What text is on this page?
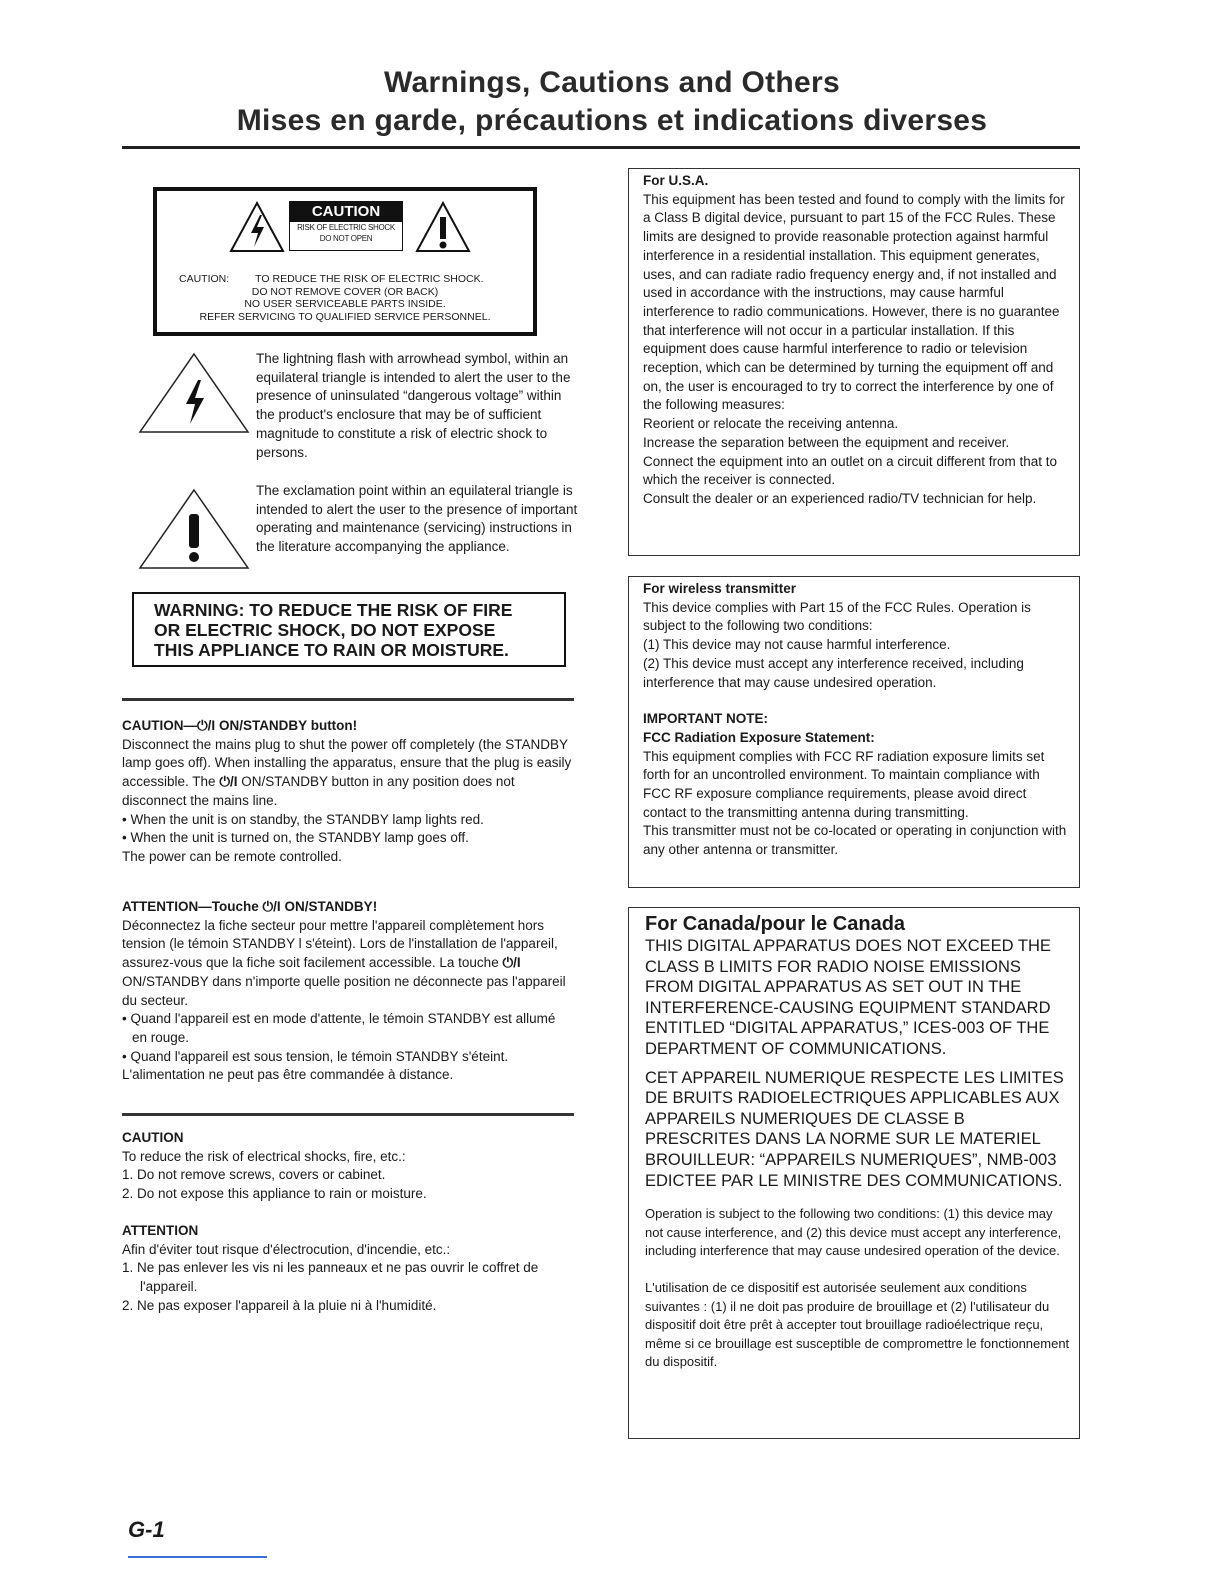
Warnings, Cautions and Others
Mises en garde, précautions et indications diverses
CAUTION
RISK OF ELECTRIC SHOCK
DO NOT OPEN
CAUTION: TO REDUCE THE RISK OF ELECTRIC SHOCK.
DO NOT REMOVE COVER (OR BACK)
NO USER SERVICEABLE PARTS INSIDE.
REFER SERVICING TO QUALIFIED SERVICE PERSONNEL.
The lightning flash with arrowhead symbol, within an equilateral triangle is intended to alert the user to the presence of uninsulated “dangerous voltage” within the product's enclosure that may be of sufficient magnitude to constitute a risk of electric shock to persons.
The exclamation point within an equilateral triangle is intended to alert the user to the presence of important operating and maintenance (servicing) instructions in the literature accompanying the appliance.
WARNING: TO REDUCE THE RISK OF FIRE
OR ELECTRIC SHOCK, DO NOT EXPOSE
THIS APPLIANCE TO RAIN OR MOISTURE.

CAUTION—⏻/I ON/STANDBY button!

Disconnect the mains plug to shut the power off completely (the STANDBY lamp goes off). When installing the apparatus, ensure that the plug is easily accessible. The ⏻/I ON/STANDBY button in any position does not disconnect the mains line.

• When the unit is on standby, the STANDBY lamp lights red.

• When the unit is turned on, the STANDBY lamp goes off.

The power can be remote controlled.

ATTENTION—Touche ⏻/I ON/STANDBY!

Déconnectez la fiche secteur pour mettre l'appareil complètement hors tension (le témoin STANDBY l s'éteint). Lors de l'installation de l'appareil, assurez-vous que la fiche soit facilement accessible. La touche ⏻/I ON/STANDBY dans n'importe quelle position ne déconnecte pas l'appareil du secteur.

• Quand l'appareil est en mode d'attente, le témoin STANDBY est allumé en rouge.

• Quand l'appareil est sous tension, le témoin STANDBY s'éteint.

L'alimentation ne peut pas être commandée à distance.

CAUTION

To reduce the risk of electrical shocks, fire, etc.:

1. Do not remove screws, covers or cabinet.

2. Do not expose this appliance to rain or moisture.

ATTENTION

Afin d'éviter tout risque d'électrocution, d'incendie, etc.:

1. Ne pas enlever les vis ni les panneaux et ne pas ouvrir le coffret de l'appareil.

2. Ne pas exposer l'appareil à la pluie ni à l'humidité.

For U.S.A.

This equipment has been tested and found to comply with the limits for a Class B digital device, pursuant to part 15 of the FCC Rules. These limits are designed to provide reasonable protection against harmful interference in a residential installation. This equipment generates, uses, and can radiate radio frequency energy and, if not installed and used in accordance with the instructions, may cause harmful interference to radio communications. However, there is no guarantee that interference will not occur in a particular installation. If this equipment does cause harmful interference to radio or television reception, which can be determined by turning the equipment off and on, the user is encouraged to try to correct the interference by one of the following measures:

Reorient or relocate the receiving antenna.

Increase the separation between the equipment and receiver.

Connect the equipment into an outlet on a circuit different from that to which the receiver is connected.

Consult the dealer or an experienced radio/TV technician for help.

For wireless transmitter

This device complies with Part 15 of the FCC Rules. Operation is subject to the following two conditions:

(1) This device may not cause harmful interference.

(2) This device must accept any interference received, including interference that may cause undesired operation.

IMPORTANT NOTE:

FCC Radiation Exposure Statement:

This equipment complies with FCC RF radiation exposure limits set forth for an uncontrolled environment. To maintain compliance with FCC RF exposure compliance requirements, please avoid direct contact to the transmitting antenna during transmitting.

This transmitter must not be co-located or operating in conjunction with any other antenna or transmitter.

For Canada/pour le Canada

THIS DIGITAL APPARATUS DOES NOT EXCEED THE CLASS B LIMITS FOR RADIO NOISE EMISSIONS FROM DIGITAL APPARATUS AS SET OUT IN THE INTERFERENCE-CAUSING EQUIPMENT STANDARD ENTITLED “DIGITAL APPARATUS,” ICES-003 OF THE DEPARTMENT OF COMMUNICATIONS.

CET APPAREIL NUMERIQUE RESPECTE LES LIMITES DE BRUITS RADIOELECTRIQUES APPLICABLES AUX APPAREILS NUMERIQUES DE CLASSE B PRESCRITES DANS LA NORME SUR LE MATERIEL BROUILLEUR: “APPAREILS NUMERIQUES”, NMB-003 EDICTEE PAR LE MINISTRE DES COMMUNICATIONS.

Operation is subject to the following two conditions: (1) this device may not cause interference, and (2) this device must accept any interference, including interference that may cause undesired operation of the device.

L'utilisation de ce dispositif est autorisée seulement aux conditions suivantes : (1) il ne doit pas produire de brouillage et (2) l'utilisateur du dispositif doit être prêt à accepter tout brouillage radioélectrique reçu, même si ce brouillage est susceptible de compromettre le fonctionnement du dispositif.

G-1
